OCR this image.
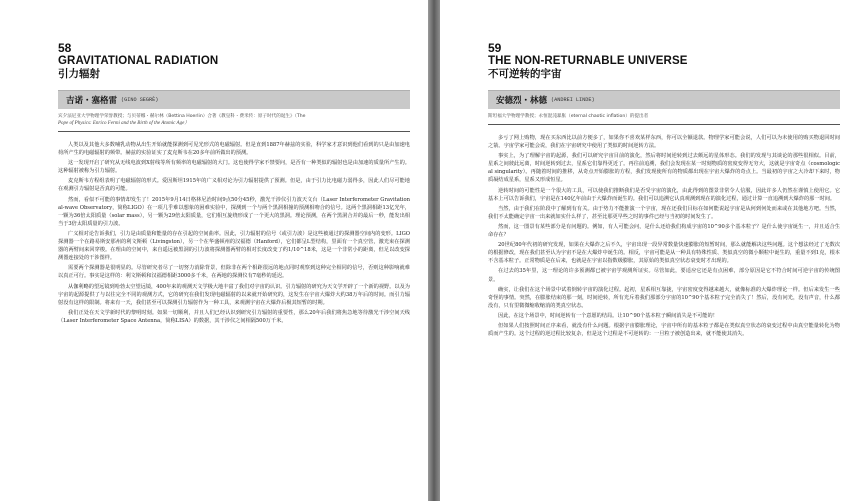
58
GRAVITATIONAL RADIATION
引力辐射
吉诺・塞格雷 (GINO SEGRÈ)
宾夕法尼亚大学物理学荣誉教授；与贝蒂娜・赫尔林（Bettina Hoerlin）合著《教皇科・费米传：原子时代的诞生》（The
Pope of Physics: Enrico Fermi and the Birth of the Atomic Age）

人类以及其他大多数哺乳动物从出生开始就能探测到可见光形式的电磁辐射。但是直到1887年赫兹的实验，科学家才意识到他们看到的只是由加速电荷所产生的电磁辐射的频带。赫兹的实验证实了麦克斯韦在20多年前所做出的预测。

这一发现开启了研究从无线电波到X射线等所有频率的电磁辐射的大门。这也使得学家不禁要问，是否有一种类似的辐射也是由加速的质量所产生的。这种辐射被称为引力辐射。

麦克斯韦方程组表明了电磁辐射的形式。爱因斯坦1915年的广义相对论为引力辐射提供了预测。但是，由于引力比电磁力弱得多，因此人们尽可能地在观测引力辐射是否真的可能。

然而，看似不可能的事情却发生了！2015年9月14日格林尼治时间9点50分45秒，激光干涉仪引力波天文台（Laser Interferometer Gravitational-wave Observatory，简称LIGO）在一项几乎难以想象的困难实验中，探测到一个与两个黑洞相撞的预测相吻合的信号。这两个黑洞相距13亿光年，一颗为36倍太阳质量（solar mass），另一颗为29倍太阳质量，它们相互旋绕形成了一个更大的黑洞。理论预测，在两个黑洞合并的最后一秒，能发出相当于3倍太阳质量的引力波。

广义相对论告诉我们，引力是由质量和能量的存在引起的空间曲率。因此，引力辐射的信号（或引力波）是这些被通过的探测器空间内的变形。LIGO探测器一个在路易斯安那州的利文斯顿（Livingston），另一个在华盛顿州的汉福德（Hanford），它们都呈L型结构，里面有一个真空管，激光束在探测器的两臂间来回穿梭。在理由的空间中，来自遥远被黑洞的引力波将探测器两臂的相对长度改变了约1/10^18米，这是一个非常小的距离，但足以改变探测器连接处的干涉图样。

需要两个探测器是很明显的。尽管研究者尽了一切努力消除背景，但除非在两个相距很远的地点同时观察到这种完全相同的信号，否则这种影响就难以真正可行。事实是这样的：利文斯顿和汉福德相距3000多千米，在两地的探测仪有7毫秒的延迟。

从伽利略的望远镜到哈勃太空望远镜，400年来的观测天文学极大地丰富了我们对宇宙的认识。引力辐射的研究为天文学开辟了一个新的视野。以及为宇宙的起源提供了与以往完全不同的观测方式，它的研究在我们发现电磁辐射的以来就开始研究的，这发生在宇宙大爆炸大约38万年后的时间。而引力辐射没有这样的限制。将来有一天，我们甚至可以探测引力辐射作为一种工具，来观测宇宙在大爆炸后极其短暂的时期。

我们正处在天文学新时代的黎明时刻。如果一切顺利，并且人们已经认识到研究引力辐射的重要性，那么20年后我们将焦急地等待激光干涉空间天线（Laser Interferometer Space Antenna，简称LISA）的数据，其干涉仪之间相隔500万千米。

59
THE NON-RETURNABLE UNIVERSE
不可逆转的宇宙
安德烈・林德 (ANDREI LINDE)
斯坦福大学物理学教授；永恒混沌暴胀（eternal chaotic inflation）的提出者

多亏了网上购物，现在买东西比以前方便多了，如果你不喜欢某样东西，你可以全额退款。物理学家可能会说，人们可以为未使用的购买物退回时间之箭。宇宙学家可能会说，我们在宇宙研究中使用了类似的时间逆转方法。

事实上，为了理解宇宙的起源，我们可以研究宇宙目前的演化，然后将时间逆转到过去颇远的星体形态。我们的发现与其谈论的那些很相似。目前，星系之间彼此远离，时间逆转到过去，星系它们靠得更近了。再往前追溯，我们会发现在某一时刻物质的密度变得无穷大，这就是宇宙奇点（cosmological singularity）。再随着时间的推移，从奇点开始膨胀的方程，我们发现使所有的物质都出现在宇宙大爆炸的奇点上。当最初的宇宙之大冷却下来时，物质凝结成星系，星系又形成恒星。

逆转时间的可能性是一个很大的工具，可以使我们推断我们是否受宇宙的演化，由此得到的图景非常令人信服，因此许多人仍然在谨慎上使用它。它基本上可以告诉我们，宇宙是在140亿年前由于大爆炸而诞生的。我们可以追溯它认真观测到现在的演化过程，通过计算一直追溯到大爆炸的那一时间。

当然，由于我们在阶段中了解到有有关。由于势力不能推演一个宇宙，现在还我们目标在如何能说起宇宙是从何到何处而来或在其他地方吧。当然，我们不太能确定宇宙一出来就如实什么样了，甚至比那更早些之时的事件已经与当初的时间发生了。

然而，这一图景有某些部分是有问题的。例如，有人可能会问，是什么还给我们构成宇宙的10^90多个基本粒子？是什么使宇宙诞生一，并且适合生命存在？

20世纪80年代初的研究发现，如果在大爆炸之后不久，宇宙出现一段异常数量快速膨胀的短暂时间，那么就能解决这些问题。这个想法经过了无数次的根据修改，现在我们甚至认为宇宙不是在大爆炸中诞生的。相反，宇宙可能是从一种具有特殊性质、类似真空的微小颗粒中诞生的，重量不到1克，根本不含基本粒子。正常物质是在后来，也就是在宇宙以指数级膨胀，其原始的类似真空状态衰变时才出现的。

在过去的35年里，这一理论的许多预测都已被宇宙学观测所证实。尽管如此，要适应它还是有点困难，部分原因是它不符合时间可逆宇宙的传统图景。

确实，让我们在这个场景中试着倒转宇宙的演化过程。起初，星系相互靠拢，宇宙密度变得越来越大，就像标准的大爆炸理论一样。但后来发生一些奇怪的事情。突然，在膨胀结束的那一刻，时间逆转，所有光斥着我们那部分宇宙的10^90个基本粒子完全消失了！然后，没有问光，没有声音，什么都没有，只有里微微缩收缩消的类真空状态。

因此，在这个场景中，时间逆转有一个意愿的结局。让10^90个基本粒子瞬间消失是不可能的！

但如果人们按照时间正序来看，就没有什么问题。根据宇宙膨胀理论，宇宙中所有的基本粒子都是在类似真空状态的衰变过程中由真空能量转化为物质而产生的。这个过程的逆过程比较复杂，但是这个过程是不可逆转的：一旦粒子被创造出来，就不能使其消失。
